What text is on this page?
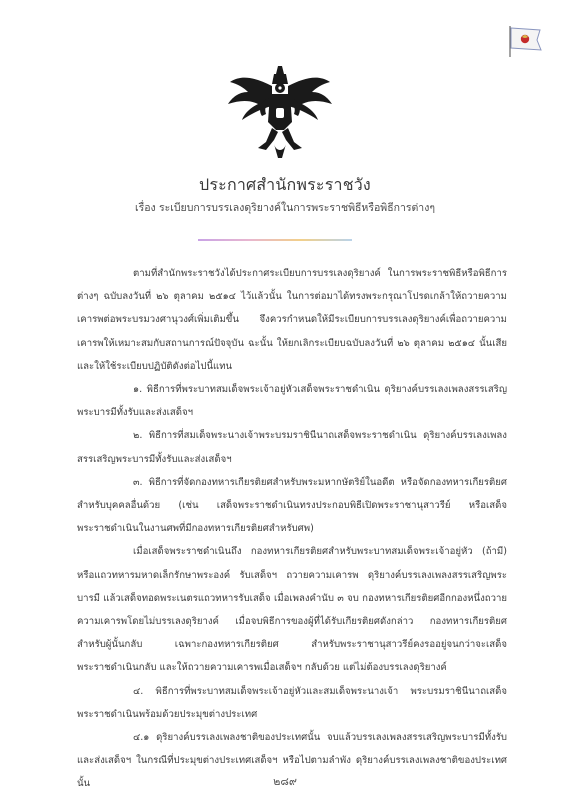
ประกาศสำนักพระราชวัง
เรื่อง ระเบียบการบรรเลงดุริยางค์ในการพระราชพิธีหรือพิธีการต่างๆ

ตามที่สำนักพระราชวังได้ประกาศระเบียบการบรรเลงดุริยางค์ ในการพระราชพิธีหรือพิธีการต่างๆ ฉบับลงวันที่ ๒๖ ตุลาคม ๒๕๑๔ ไว้แล้วนั้น ในการต่อมาได้ทรงพระกรุณาโปรดเกล้าให้ถวายความเคารพต่อพระบรมวงศานุวงศ์เพิ่มเติมขึ้น จึงควรกำหนดให้มีระเบียบการบรรเลงดุริยางค์เพื่อถวายความเคารพให้เหมาะสมกับสถานการณ์ปัจจุบัน ฉะนั้น ให้ยกเลิกระเบียบฉบับลงวันที่ ๒๖ ตุลาคม ๒๕๑๔ นั้นเสีย และให้ใช้ระเบียบปฏิบัติดังต่อไปนี้แทน

๑. พิธีการที่พระบาทสมเด็จพระเจ้าอยู่หัวเสด็จพระราชดำเนิน ดุริยางค์บรรเลงเพลงสรรเสริญพระบารมีทั้งรับและส่งเสด็จฯ

๒. พิธีการที่สมเด็จพระนางเจ้าพระบรมราชินีนาถเสด็จพระราชดำเนิน ดุริยางค์บรรเลงเพลงสรรเสริญพระบารมีทั้งรับและส่งเสด็จฯ

๓. พิธีการที่จัดกองทหารเกียรติยศสำหรับพระมหากษัตริย์ในอดีต หรือจัดกองทหารเกียรติยศสำหรับบุคคลอื่นด้วย (เช่น เสด็จพระราชดำเนินทรงประกอบพิธีเปิดพระราชานุสาวรีย์ หรือเสด็จพระราชดำเนินในงานศพที่มีกองทหารเกียรติยศสำหรับศพ)

เมื่อเสด็จพระราชดำเนินถึง กองทหารเกียรติยศสำหรับพระบาทสมเด็จพระเจ้าอยู่หัว (ถ้ามี) หรือแถวทหารมหาดเล็กรักษาพระองค์ รับเสด็จฯ ถวายความเคารพ ดุริยางค์บรรเลงเพลงสรรเสริญพระบารมี แล้วเสด็จทอดพระเนตรแถวทหารรับเสด็จ เมื่อเพลงคำนับ ๓ จบ กองทหารเกียรติยศอีกกองหนึ่งถวายความเคารพโดยไม่บรรเลงดุริยางค์ เมื่อจบพิธีการของผู้ที่ได้รับเกียรติยศดังกล่าว กองทหารเกียรติยศสำหรับผู้นั้นกลับ เฉพาะกองทหารเกียรติยศ สำหรับพระราชานุสาวรีย์คงรออยู่จนกว่าจะเสด็จพระราชดำเนินกลับ และให้ถวายความเคารพเมื่อเสด็จฯ กลับด้วย แต่ไม่ต้องบรรเลงดุริยางค์

๔. พิธีการที่พระบาทสมเด็จพระเจ้าอยู่หัวและสมเด็จพระนางเจ้า พระบรมราชินีนาถเสด็จพระราชดำเนินพร้อมด้วยประมุขต่างประเทศ

๔.๑ ดุริยางค์บรรเลงเพลงชาติของประเทศนั้น จบแล้วบรรเลงเพลงสรรเสริญพระบารมีทั้งรับและส่งเสด็จฯ ในกรณีที่ประมุขต่างประเทศเสด็จฯ หรือไปตามลำพัง ดุริยางค์บรรเลงเพลงชาติของประเทศนั้น	๒๘๙
